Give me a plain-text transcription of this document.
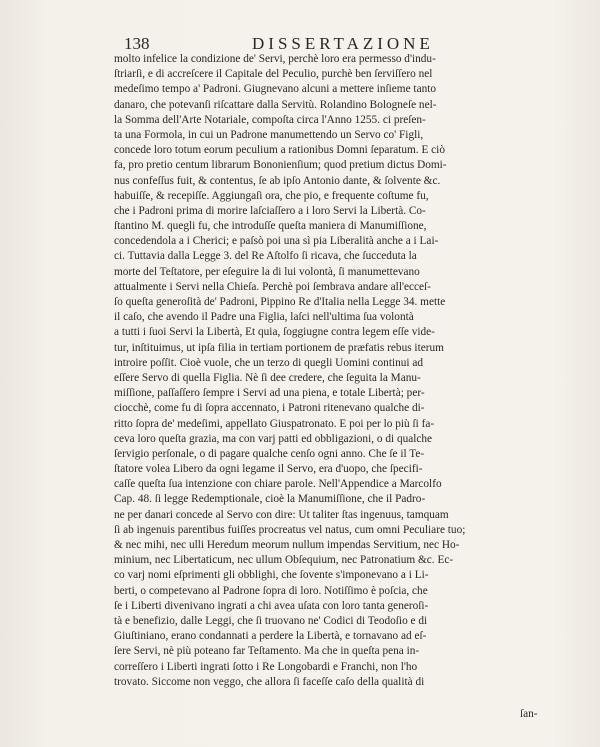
138	DISSERTAZIONE
molto infelice la condizione de' Servi, perchè loro era permesso d'indu-
ſtriarſi, e di accreſcere il Capitale del Peculio, purchè ben ſerviſſero nel
medeſimo tempo a' Padroni. Giugnevano alcuni a mettere inſieme tanto
danaro, che potevanſi riſcattare dalla Servitù. Rolandino Bologneſe nel-
la Somma dell'Arte Notariale, compoſta circa l'Anno 1255. ci preſen-
ta una Formola, in cui un Padrone manumettendo un Servo co' Figli,
concede loro totum eorum peculium a rationibus Domni ſeparatum. E ciò
fa, pro pretio centum librarum Bononienſium; quod pretium dictus Domi-
nus confeſſus fuit, & contentus, ſe ab ipſo Antonio dante, & ſolvente &c.
habuiſſe, & recepiſſe. Aggiungaſi ora, che pio, e frequente coſtume fu,
che i Padroni prima di morire laſciaſſero a i loro Servi la Libertà. Co-
ſtantino M. quegli fu, che introduſſe queſta maniera di Manumiſſione,
concedendola a i Cherici; e paſsò poi una sì pia Liberalità anche a i Lai-
ci. Tuttavia dalla Legge 3. del Re Aſtolfo ſi ricava, che ſucceduta la
morte del Teſtatore, per eſeguire la di lui volontà, ſi manumettevano
attualmente i Servi nella Chieſa. Perchè poi ſembrava andare all'ecceſ-
ſo queſta generoſità de' Padroni, Pippino Re d'Italia nella Legge 34. mette
il caſo, che avendo il Padre una Figlia, laſci nell'ultima ſua volontà
a tutti i ſuoi Servi la Libertà, Et quia, ſoggiugne contra legem eſſe vide-
tur, inſtituimus, ut ipſa filia in tertiam portionem de præfatis rebus iterum
introire poſſit. Cioè vuole, che un terzo di quegli Uomini continui ad
eſſere Servo di quella Figlia. Nè ſi dee credere, che ſeguita la Manu-
miſſione, paſſaſſero ſempre i Servi ad una piena, e totale Libertà; per-
ciocchè, come fu di ſopra accennato, i Patroni ritenevano qualche di-
ritto ſopra de' medeſimi, appellato Giuspatronato. E poi per lo più ſi fa-
ceva loro queſta grazia, ma con varj patti ed obbligazioni, o di qualche
ſervigio perſonale, o di pagare qualche cenſo ogni anno. Che ſe il Te-
ſtatore volea Libero da ogni legame il Servo, era d'uopo, che ſpecifi-
caſſe queſta ſua intenzione con chiare parole. Nell'Appendice a Marcolfo
Cap. 48. ſi legge Redemptionale, cioè la Manumiſſione, che il Padro-
ne per danari concede al Servo con dire: Ut taliter ſtas ingenuus, tamquam
ſi ab ingenuis parentibus fuiſſes procreatus vel natus, cum omni Peculiare tuo;
& nec mihi, nec ulli Heredum meorum nullum impendas Servitium, nec Ho-
minium, nec Libertaticum, nec ullum Obſequium, nec Patronatium &c. Ec-
co varj nomi eſprimenti gli obblighi, che ſovente s'imponevano a i Li-
berti, o competevano al Padrone ſopra di loro. Notiſſimo è poſcia, che
ſe i Liberti divenivano ingrati a chi avea uſata con loro tanta generoſi-
tà e benefizio, dalle Leggi, che ſi truovano ne' Codici di Teodoſio e di
Giuſtiniano, erano condannati a perdere la Libertà, e tornavano ad eſ-
ſere Servi, nè più poteano far Teſtamento. Ma che in queſta pena in-
correſſero i Liberti ingrati ſotto i Re Longobardi e Franchi, non l'ho
trovato. Siccome non veggo, che allora ſi faceſſe caſo della qualità di
ſan-
